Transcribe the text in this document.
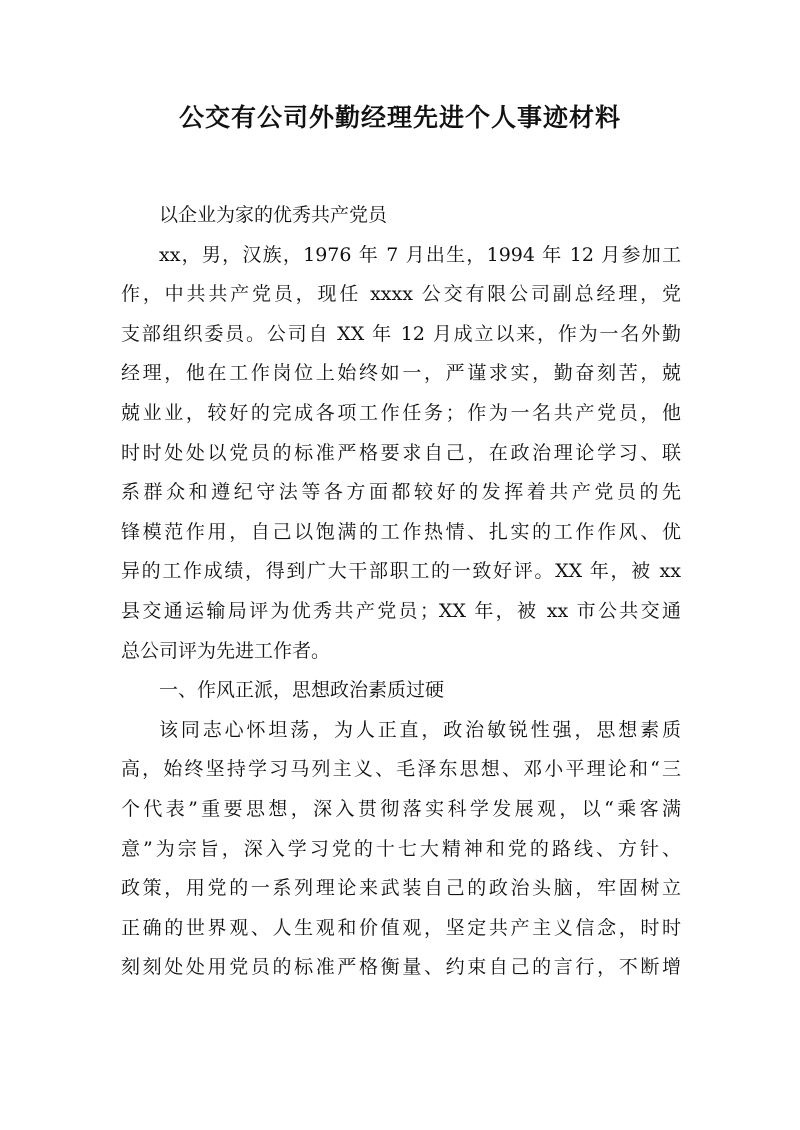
公交有公司外勤经理先进个人事迹材料
以企业为家的优秀共产党员
xx，男，汉族，1976 年 7 月出生，1994 年 12 月参加工
作，中共共产党员，现任 xxxx 公交有限公司副总经理，党
支部组织委员。公司自 XX 年 12 月成立以来，作为一名外勤
经理，他在工作岗位上始终如一，严谨求实，勤奋刻苦，兢
兢业业，较好的完成各项工作任务；作为一名共产党员，他
时时处处以党员的标准严格要求自己，在政治理论学习、联
系群众和遵纪守法等各方面都较好的发挥着共产党员的先
锋模范作用，自己以饱满的工作热情、扎实的工作作风、优
异的工作成绩，得到广大干部职工的一致好评。XX 年，被 xx
县交通运输局评为优秀共产党员；XX 年，被 xx 市公共交通
总公司评为先进工作者。
一、作风正派，思想政治素质过硬
该同志心怀坦荡，为人正直，政治敏锐性强，思想素质
高，始终坚持学习马列主义、毛泽东思想、邓小平理论和“三
个代表”重要思想，深入贯彻落实科学发展观，以“乘客满
意”为宗旨，深入学习党的十七大精神和党的路线、方针、
政策，用党的一系列理论来武装自己的政治头脑，牢固树立
正确的世界观、人生观和价值观，坚定共产主义信念，时时
刻刻处处用党员的标准严格衡量、约束自己的言行，不断增
